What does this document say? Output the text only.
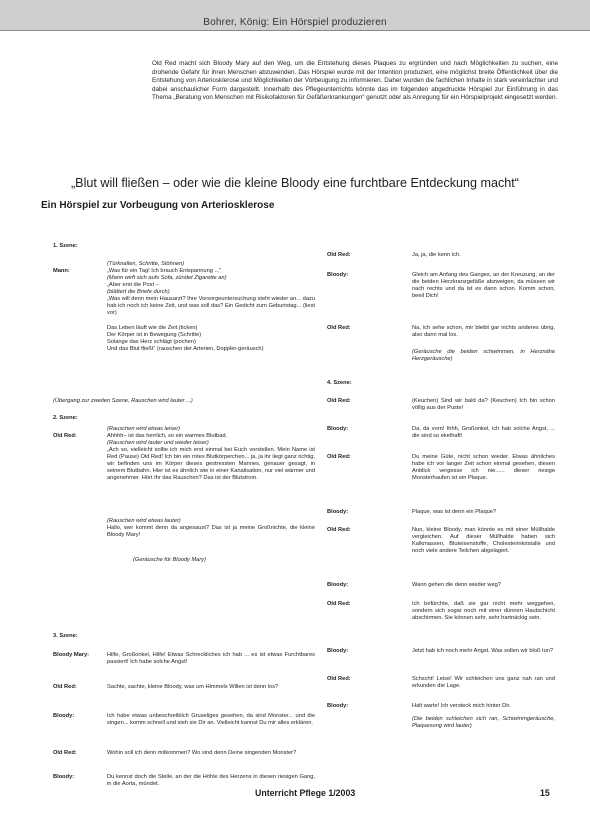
Bohrer, König: Ein Hörspiel produzieren
Old Red macht sich Bloody Mary auf den Weg, um die Entstehung dieses Plaques zu ergründen und nach Möglichkeiten zu suchen, eine drohende Gefahr für ihren Menschen abzuwenden. Das Hörspiel wurde mit der Intention produziert, eine möglichst breite Öffentlichkeit über die Entstehung von Arteriosklerose und Möglichkeiten der Vorbeugung zu informieren. Daher wurden die fachlichen Inhalte in stark vereinfachter und dabei anschaulicher Form dargestellt. Innerhalb des Pflegeunterrichts könnte das im folgenden abgedruckte Hörspiel zur Einführung in das Thema „Beratung von Menschen mit Risikofaktoren für Gefäßerkrankungen“ genutzt oder als Anregung für ein Hörspielprojekt eingesetzt werden.
„Blut will fließen – oder wie die kleine Bloody eine furchtbare Entdeckung macht“
Ein Hörspiel zur Vorbeugung von Arteriosklerose
1. Szene:
(Türknallen, Schritte, Stöhnen)
Mann:	„Was für ein Tag! Ich brauch Entspannung ...“
(Mann wirft sich aufs Sofa, zündet Zigarette an)
„Aber erst die Post –
(blättert die Briefe durch)
„Was will denn mein Hausarzt? Ihre Vorsorgeuntersuchung steht wieder an... dazu hab ich noch ich keine Zeit, und was soll das? Ein Gedicht zum Geburtstag... (liest vor)
Das Leben läuft wie die Zeit (ticken)
Der Körper ist in Bewegung (Schritte)
Solange das Herz schlägt (pochen)
Und das Blut fließt“ (rauschen der Arterien, Doppler-geräusch)
(Übergang zur zweiten Szene, Rauschen wird lauter ...)
2. Szene:
(Rauschen wird etwas leiser)
Old Red:	Ahhhh– ist das herrlich, so ein warmes Blutbad.
(Rauschen wird lauter und wieder leiser)
„Ach so, vielleicht sollte ich mich erst einmal bei Euch vorstellen. Mein Name ist Red (Pause) Old Red! Ich bin ein rotes Blutkörperchen... ja, ja ihr liegt ganz richtig, wir befinden uns im Körper dieses gestressten Mannes, genauer gesagt, in seinem Blutbahn. Hier ist es ähnlich wie in einer Kanalisation, nur viel wärmer und angenehmer. Hört Ihr das Rauschen? Das ist der Blutstrom.
(Rauschen wird etwas lauter)
Hallo, wer kommt denn da angesaust? Das ist ja meine Großnichte, die kleine Bloody Mary!
(Geräusche für Bloody Mary)
3. Szene:
Bloody Mary:	Hilfe, Großonkel, Hilfe! Etwas Schreckliches ich hab ... es ist etwas Furchtbares passiert! Ich habe solche Angst!
Old Red:	Sachte, sachte, kleine Bloody, was um Himmels Willen ist denn los?
Bloody:	Ich habe etwas unbeschreiblich Gruseliges gesehen, da sind Monster... und die singen... komm schnell und sieh sie Dir an. Vielleicht kannst Du mir alles erklären.
Old Red:	Wohin soll ich denn mitkommen? Wo sind denn Deine singenden Monster?
Bloody:	Du kennst doch die Stelle, an der die Höhle des Herzens in diesen riesigen Gang, in die Aorta, mündet.
Old Red:	Ja, ja, die kenn ich.
Bloody:	Gleich am Anfang des Ganges, an der Kreuzung, an der die beiden Herzkranzgefäße abzweigen, da müssen wir nach rechts und da ist es dann schon. Komm schon, beeil Dich!
Old Red:	Na, ich sehe schon, mir bleibt gar nichts anderes übrig, also dann mal los.
(Geräusche die beiden schwimmen, in Herznähe Herzgeräusche)
4. Szene:
Old Red:	(Keuchen) Sind wir bald da? (Keuchen) Ich bin schon völlig aus der Puste!
Bloody:	Da, da vorn! Ihhh, Großonkel, ich hab solche Angst, ... die sind so ekelhaft!
Old Red:	Du meine Güte, nicht schon wieder. Etwas ähnliches habe ich vor langer Zeit schon einmal gesehen, diesen Anblick vergesse ich nie...... dieser riesige Monsterhaufen ist ein Plaque.
Bloody:	Plaque, was ist denn ein Plaque?
Old Red:	Nun, kleine Bloody, man könnte es mit einer Müllhalde vergleichen. Auf dieser Müllhalde haben sich Kalkmassen, Bluteisenstoffe, Cholesterinkristalle und noch viele andere Teilchen abgelagert.
Bloody:	Wann gehen die denn wieder weg?
Old Red:	Ich befürchte, daß sie gar nicht mehr weggehen, sondern sich sogar noch mit einer dünnen Hautschicht abschirmen. Sie können sehr, sehr hartnäckig sein.
Bloody:	Jetzt hab ich noch mehr Angst. Was sollen wir bloß tun?
Old Red:	Schscht! Leise! Wir schleichen uns ganz nah ran und erkunden die Lage.
Bloody:	Halt warte! Ich versteck mich hinter Dir.
(Die beiden schleichen sich ran, Schwimmgeräusche, Plaquesong wird lauter)
Unterricht Pflege 1/2003	15
